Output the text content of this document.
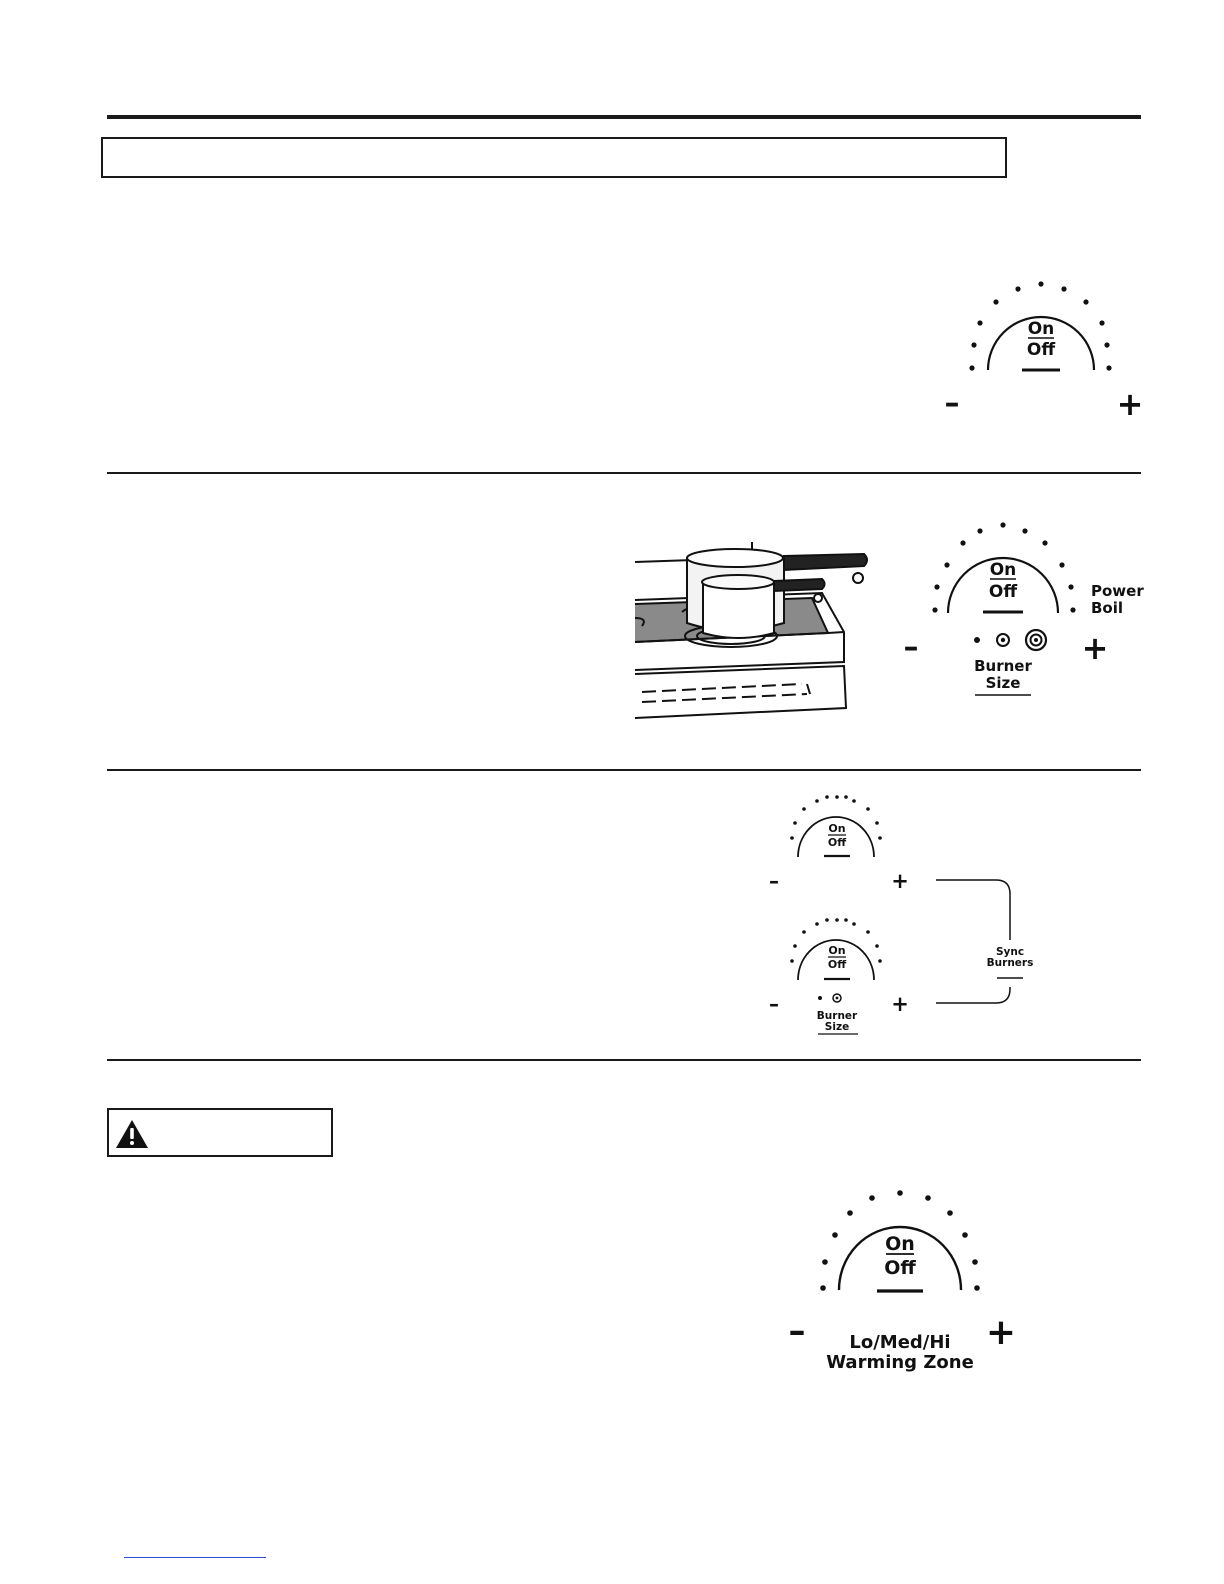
On
Off
–	+
On
Off	Power
Boil
Burner
Size
–	+
On
Off
–	+
On
Off
Burner
Size
–	+
Sync
Burners
On
Off
–	+
Lo/Med/Hi
Warming Zone
